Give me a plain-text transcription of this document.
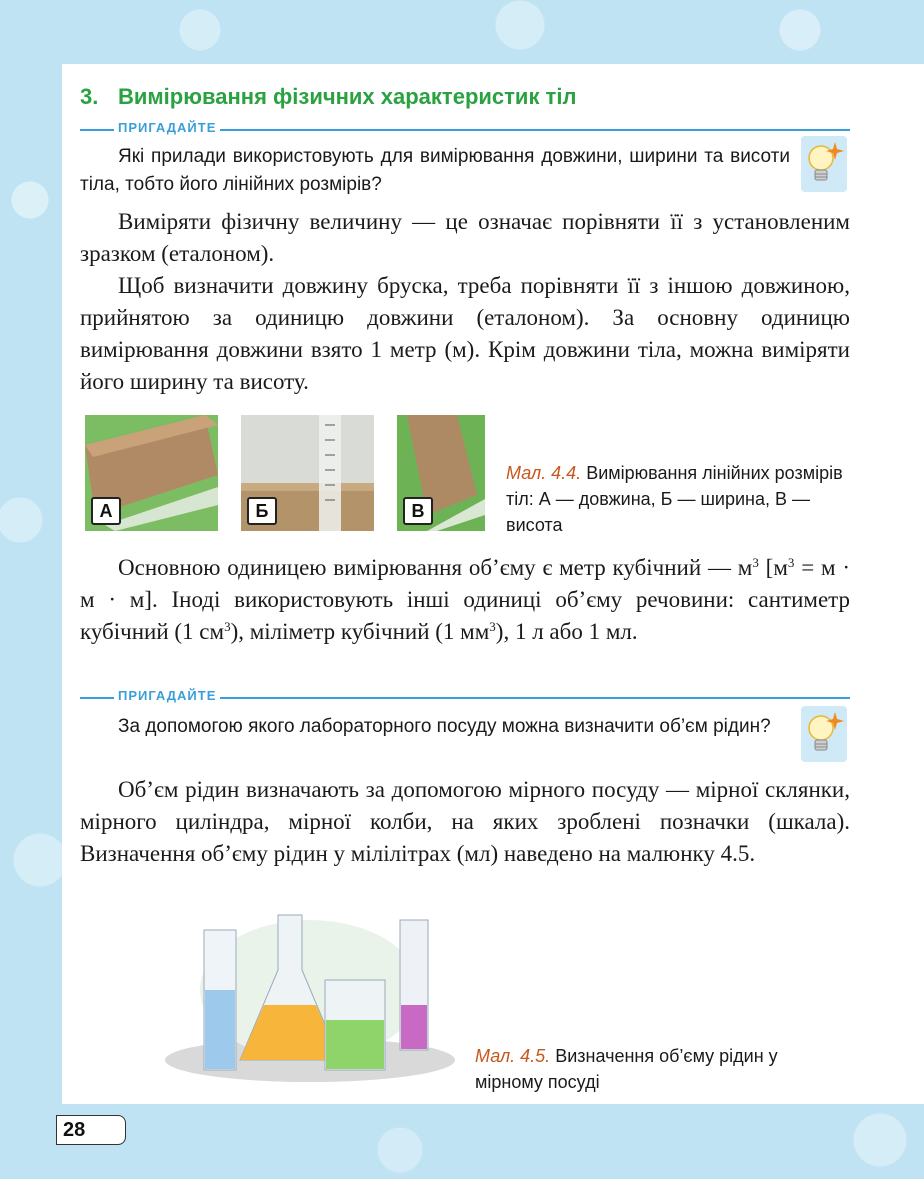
3. Вимірювання фізичних характеристик тіл
ПРИГАДАЙТЕ
Які прилади використовують для вимірювання довжини, ширини та висоти тіла, тобто його лінійних розмірів?
Виміряти фізичну величину — це означає порівняти її з установленим зразком (еталоном).
Щоб визначити довжину бруска, треба порівняти її з іншою довжиною, прийнятою за одиницю довжини (еталоном). За основну одиницю вимірювання довжини взято 1 метр (м). Крім довжини тіла, можна виміряти його ширину та висоту.
А	Б	В
Мал. 4.4. Вимірювання лінійних розмірів тіл: А — довжина, Б — ширина, В — висота
Основною одиницею вимірювання об’єму є метр кубічний — $м^3$ $[м^3 = м \cdot м \cdot м]$. Іноді використовують інші одиниці об’єму речовини: сантиметр кубічний (1 $см^3$), міліметр кубічний (1 $мм^3$), 1 л або 1 мл.
ПРИГАДАЙТЕ
За допомогою якого лабораторного посуду можна визначити об’єм рідин?
Об’єм рідин визначають за допомогою мірного посуду — мірної склянки, мірного циліндра, мірної колби, на яких зроблені позначки (шкала). Визначення об’єму рідин у мілілітрах (мл) наведено на малюнку 4.5.
Мал. 4.5. Визначення об’єму рідин у мірному посуді
28
